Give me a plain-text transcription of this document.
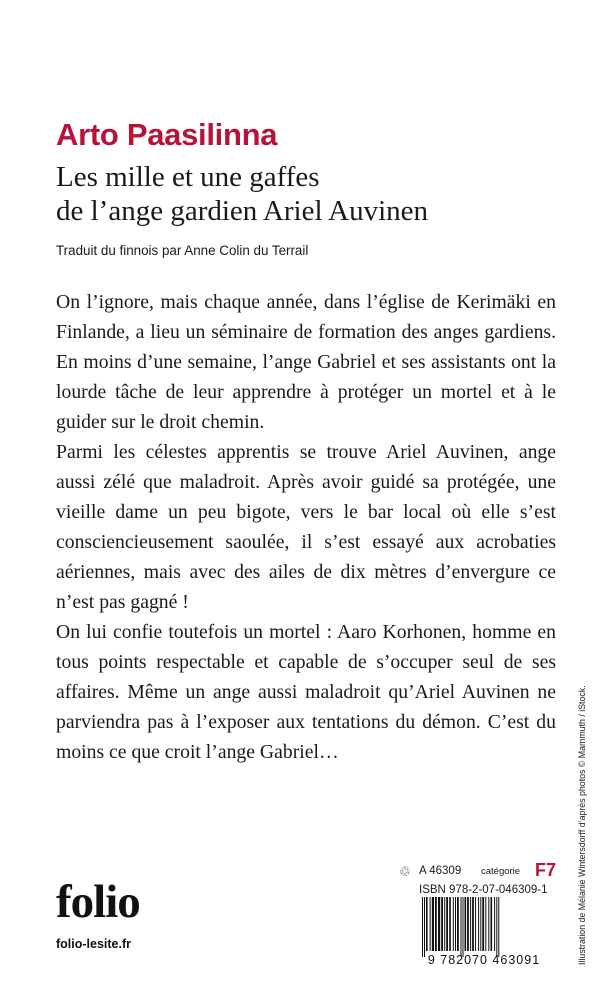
Arto Paasilinna
Les mille et une gaffes
de l’ange gardien Ariel Auvinen
Traduit du finnois par Anne Colin du Terrail

On l’ignore, mais chaque année, dans l’église de Kerimäki en Finlande, a lieu un séminaire de formation des anges gardiens. En moins d’une semaine, l’ange Gabriel et ses assistants ont la lourde tâche de leur apprendre à protéger un mortel et à le guider sur le droit chemin.

Parmi les célestes apprentis se trouve Ariel Auvinen, ange aussi zélé que maladroit. Après avoir guidé sa protégée, une vieille dame un peu bigote, vers le bar local où elle s’est consciencieusement saoulée, il s’est essayé aux acrobaties aériennes, mais avec des ailes de dix mètres d’envergure ce n’est pas gagné !

On lui confie toutefois un mortel : Aaro Korhonen, homme en tous points respectable et capable de s’occuper seul de ses affaires. Même un ange aussi maladroit qu’Ariel Auvinen ne parviendra pas à l’exposer aux tentations du démon. C’est du moins ce que croit l’ange Gabriel…

folio
folio-lesite.fr
♲ A 46309 catégorie F7
ISBN 978-2-07-046309-1
9 782070 463091	Illustration de Mélanie Wintersdorff d’après photos © Mammuth / iStock.
